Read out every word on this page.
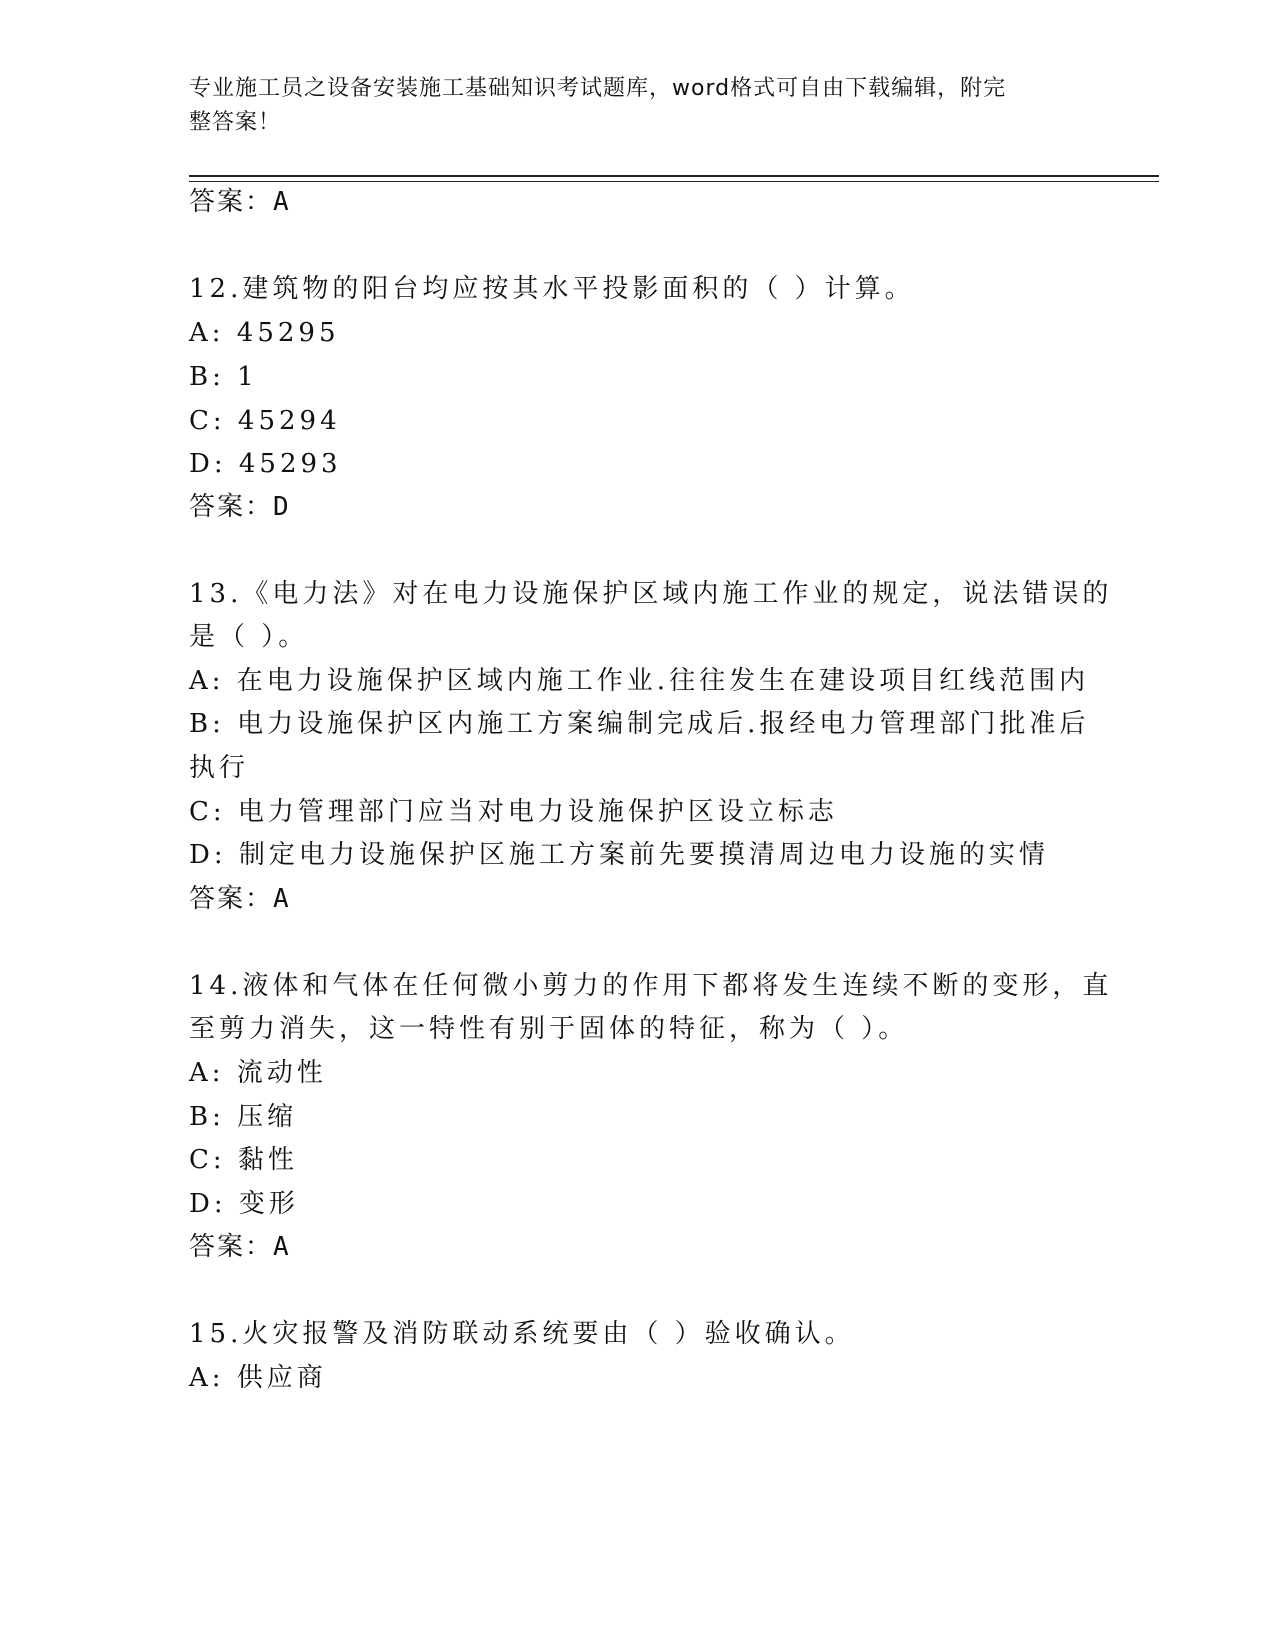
专业施工员之设备安装施工基础知识考试题库，word格式可自由下载编辑，附完
整答案！
答案：A
12.建筑物的阳台均应按其水平投影面积的（ ）计算。
A: 45295
B: 1
C: 45294
D: 45293
答案：D
13.《电力法》对在电力设施保护区域内施工作业的规定，说法错误的
是（ ）。
A: 在电力设施保护区域内施工作业.往往发生在建设项目红线范围内
B: 电力设施保护区内施工方案编制完成后.报经电力管理部门批准后
执行
C: 电力管理部门应当对电力设施保护区设立标志
D: 制定电力设施保护区施工方案前先要摸清周边电力设施的实情
答案：A
14.液体和气体在任何微小剪力的作用下都将发生连续不断的变形，直
至剪力消失，这一特性有别于固体的特征，称为（ ）。
A: 流动性
B: 压缩
C: 黏性
D: 变形
答案：A
15.火灾报警及消防联动系统要由（ ）验收确认。
A: 供应商
